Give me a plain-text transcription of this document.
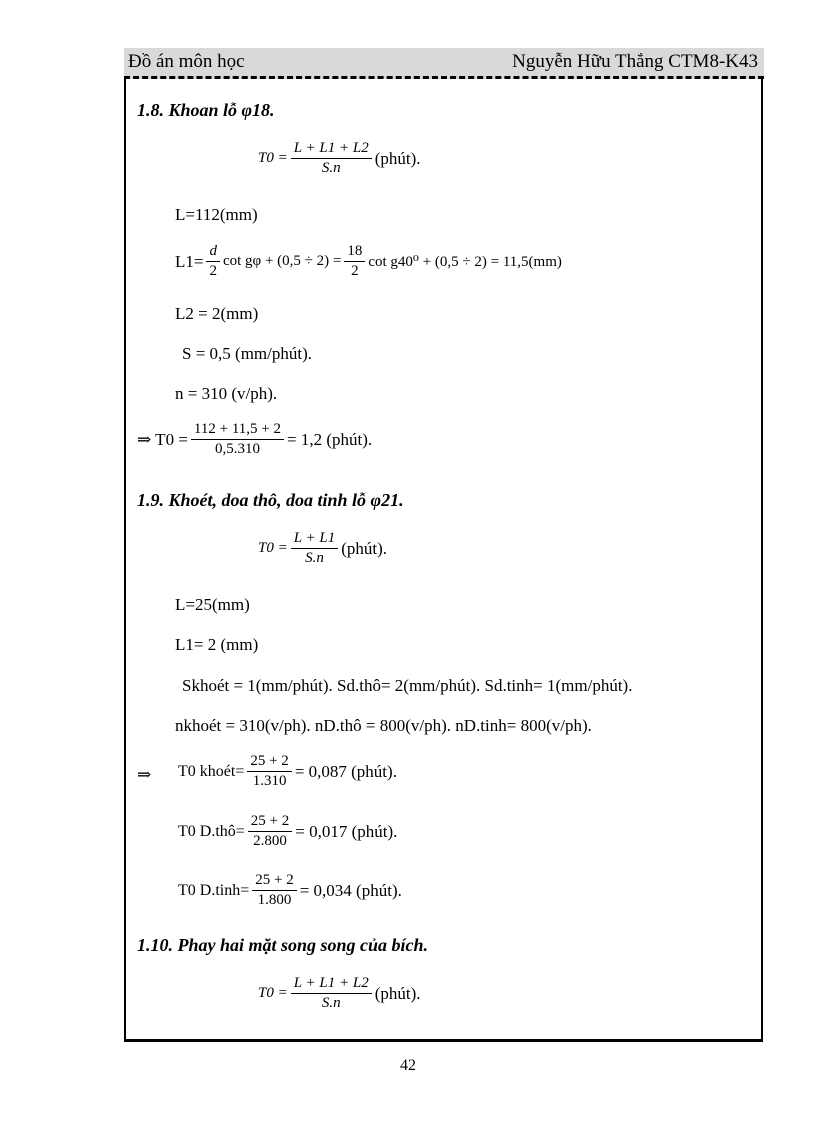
Đồ án môn học	Nguyễn Hữu Thắng CTM8-K43
1.8. Khoan lỗ φ18.
$T0 = \frac{L + L1 + L2}{S.n}$ (phút).
L=112(mm)
$L1= \frac{d}{2}$ $\cot g\varphi + (0,5 \div 2) = \frac{18}{2}$ cot g40⁰ + (0,5 ÷ 2) = 11,5(mm)
L2 = 2(mm)
S = 0,5 (mm/phút).
n = 310 (v/ph).
⇒ $T0 = \frac{112 + 11,5 + 2}{0,5.310} = 1,2$ (phút).
1.9. Khoét, doa thô, doa tinh lỗ φ21.
$T0 = \frac{L + L1}{S.n}$ (phút).
L=25(mm)
L1= 2 (mm)
Skhoét = 1(mm/phút). Sd.thô= 2(mm/phút). Sd.tinh= 1(mm/phút).
nkhoét = 310(v/ph). nD.thô = 800(v/ph). nD.tinh= 800(v/ph).
⇒ T0 khoét= $\frac{25 + 2}{1.310} = 0,087$ (phút).
T0 D.thô= $\frac{25 + 2}{2.800} = 0,017$ (phút).
T0 D.tinh= $\frac{25 + 2}{1.800} = 0,034$ (phút).
1.10. Phay hai mặt song song của bích.
$T0 = \frac{L + L1 + L2}{S.n}$ (phút).
42
